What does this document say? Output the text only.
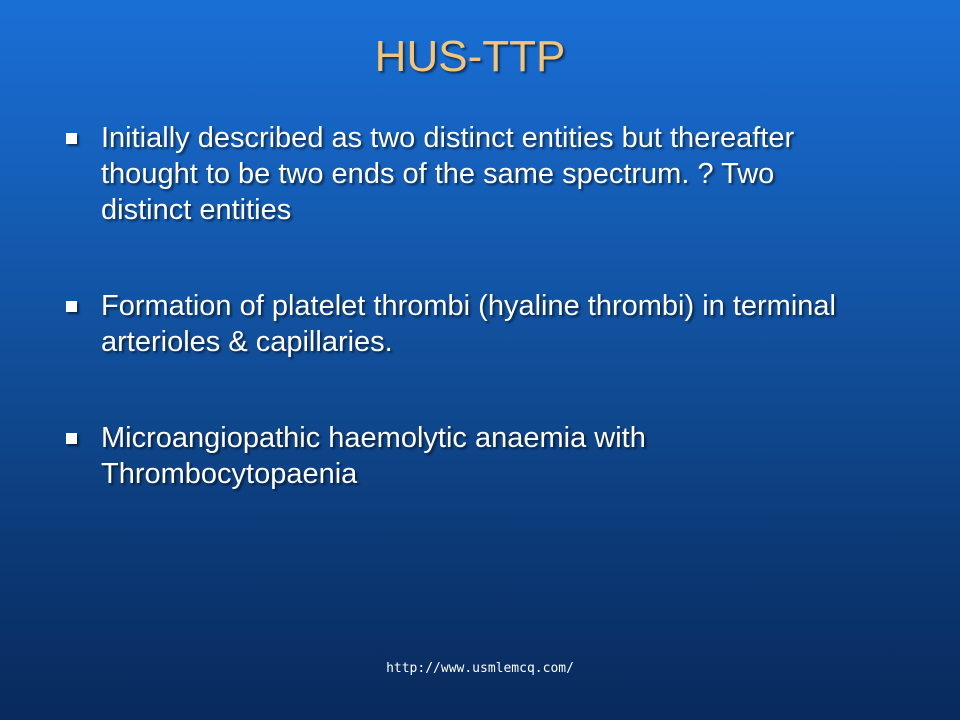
HUS-TTP
Initially described as two distinct entities but thereafter thought to be two ends of the same spectrum. ? Two distinct entities
Formation of platelet thrombi (hyaline thrombi) in terminal arterioles & capillaries.
Microangiopathic haemolytic anaemia with Thrombocytopaenia
http://www.usmlemcq.com/
